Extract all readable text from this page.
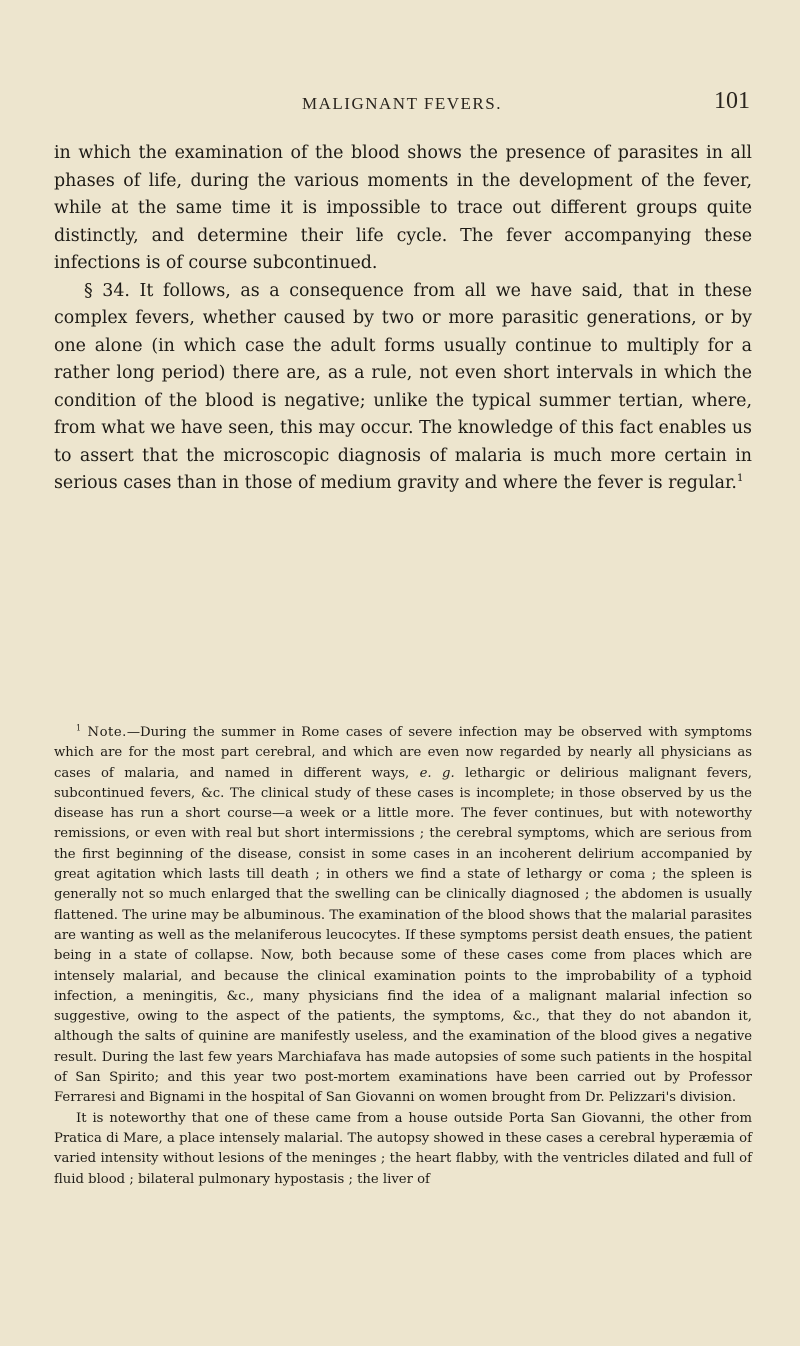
MALIGNANT FEVERS.	101

in which the examination of the blood shows the presence of parasites in all phases of life, during the various moments in the development of the fever, while at the same time it is impossible to trace out different groups quite distinctly, and determine their life cycle. The fever accompanying these infections is of course subcontinued.

§ 34. It follows, as a consequence from all we have said, that in these complex fevers, whether caused by two or more parasitic generations, or by one alone (in which case the adult forms usually continue to multiply for a rather long period) there are, as a rule, not even short intervals in which the condition of the blood is negative; unlike the typical summer tertian, where, from what we have seen, this may occur. The knowledge of this fact enables us to assert that the microscopic diagnosis of malaria is much more certain in serious cases than in those of medium gravity and where the fever is regular.$^1$

$^1$ Note.—During the summer in Rome cases of severe infection may be observed with symptoms which are for the most part cerebral, and which are even now regarded by nearly all physicians as cases of malaria, and named in different ways, e. g. lethargic or delirious malignant fevers, subcontinued fevers, &c. The clinical study of these cases is incomplete; in those observed by us the disease has run a short course—a week or a little more. The fever continues, but with noteworthy remissions, or even with real but short intermissions ; the cerebral symptoms, which are serious from the first beginning of the disease, consist in some cases in an incoherent delirium accompanied by great agitation which lasts till death ; in others we find a state of lethargy or coma ; the spleen is generally not so much enlarged that the swelling can be clinically diagnosed ; the abdomen is usually flattened. The urine may be albuminous. The examination of the blood shows that the malarial parasites are wanting as well as the melaniferous leucocytes. If these symptoms persist death ensues, the patient being in a state of collapse. Now, both because some of these cases come from places which are intensely malarial, and because the clinical examination points to the improbability of a typhoid infection, a meningitis, &c., many physicians find the idea of a malignant malarial infection so suggestive, owing to the aspect of the patients, the symptoms, &c., that they do not abandon it, although the salts of quinine are manifestly useless, and the examination of the blood gives a negative result. During the last few years Marchiafava has made autopsies of some such patients in the hospital of San Spirito; and this year two post-mortem examinations have been carried out by Professor Ferraresi and Bignami in the hospital of San Giovanni on women brought from Dr. Pelizzari's division.

It is noteworthy that one of these came from a house outside Porta San Giovanni, the other from Pratica di Mare, a place intensely malarial. The autopsy showed in these cases a cerebral hyperæmia of varied intensity without lesions of the meninges ; the heart flabby, with the ventricles dilated and full of fluid blood ; bilateral pulmonary hypostasis ; the liver of
